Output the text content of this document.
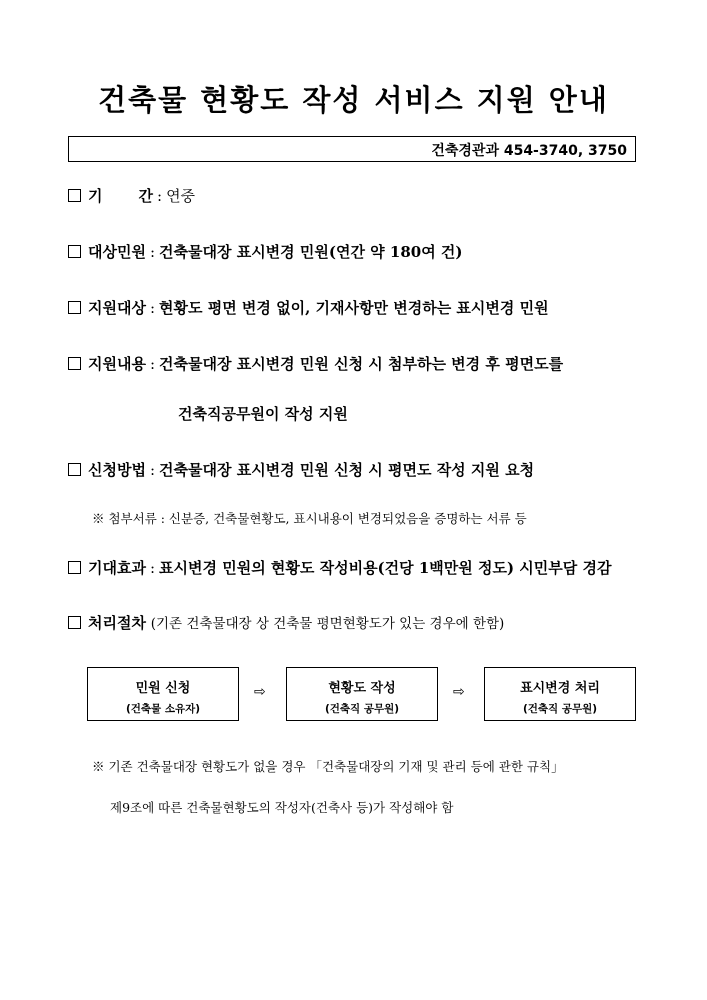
건축물 현황도 작성 서비스 지원 안내
건축경관과 454-3740, 3750
기 간 : 연중
대상민원 : 건축물대장 표시변경 민원(연간 약 180여 건)
지원대상 : 현황도 평면 변경 없이, 기재사항만 변경하는 표시변경 민원
지원내용 : 건축물대장 표시변경 민원 신청 시 첨부하는 변경 후 평면도를
건축직공무원이 작성 지원
신청방법 : 건축물대장 표시변경 민원 신청 시 평면도 작성 지원 요청
※ 첨부서류 : 신분증, 건축물현황도, 표시내용이 변경되었음을 증명하는 서류 등
기대효과 : 표시변경 민원의 현황도 작성비용(건당 1백만원 정도) 시민부담 경감
처리절차 (기존 건축물대장 상 건축물 평면현황도가 있는 경우에 한함)
민원 신청
(건축물 소유자)
⇨	현황도 작성
(건축직 공무원)
⇨	표시변경 처리
(건축직 공무원)
※ 기존 건축물대장 현황도가 없을 경우 「건축물대장의 기재 및 관리 등에 관한 규칙」
제9조에 따른 건축물현황도의 작성자(건축사 등)가 작성해야 함
